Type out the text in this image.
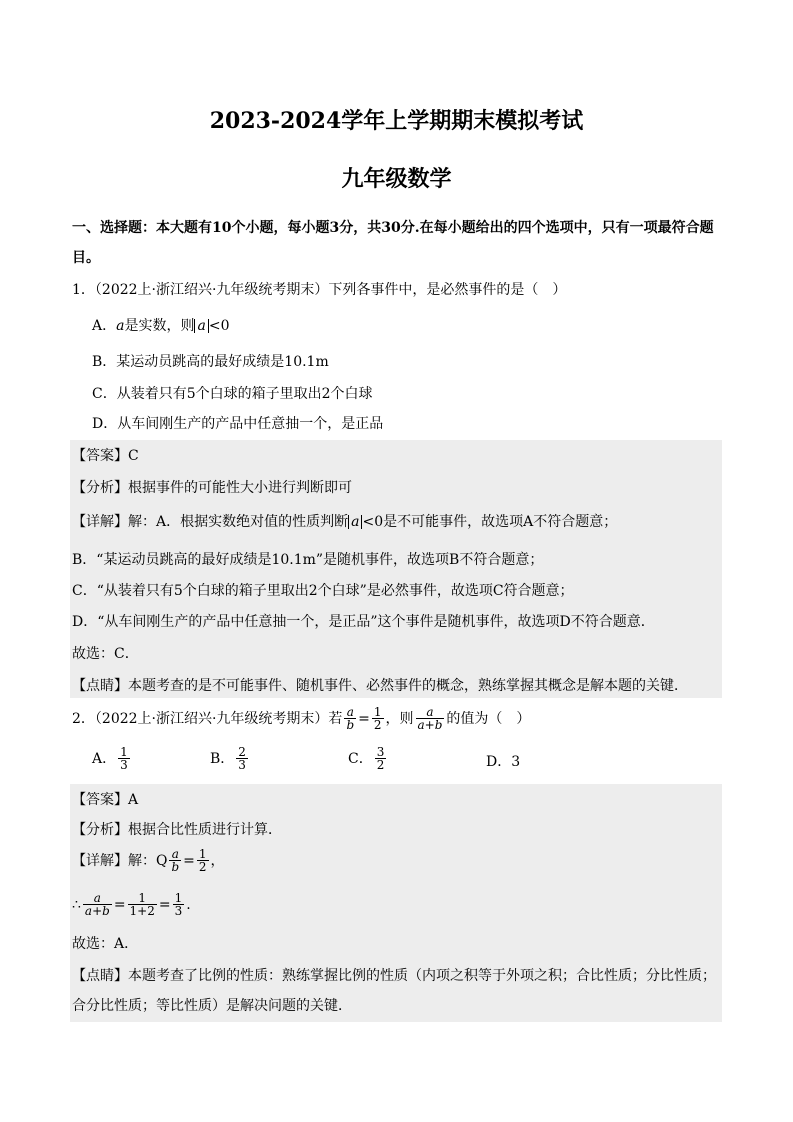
2023-2024学年上学期期末模拟考试
九年级数学
一、选择题：本大题有10个小题，每小题3分，共30分.在每小题给出的四个选项中，只有一项最符合题
目。
1．（2022上·浙江绍兴·九年级统考期末）下列各事件中，是必然事件的是（　）
A．a是实数，则 a <0
B．某运动员跳高的最好成绩是10.1m
C．从装着只有5个白球的箱子里取出2个白球
D．从车间刚生产的产品中任意抽一个，是正品
【答案】C
【分析】根据事件的可能性大小进行判断即可
【详解】解：A．根据实数绝对值的性质判断 a <0是不可能事件，故选项A不符合题意；
B．“某运动员跳高的最好成绩是10.1m”是随机事件，故选项B不符合题意；
C．“从装着只有5个白球的箱子里取出2个白球”是必然事件，故选项C符合题意；
D．“从车间刚生产的产品中任意抽一个，是正品”这个事件是随机事件，故选项D不符合题意．
故选：C．
【点睛】本题考查的是不可能事件、随机事件、必然事件的概念，熟练掌握其概念是解本题的关键．
2．（2022上·浙江绍兴·九年级统考期末）若 $\frac{a}{b} = \frac{1}{2}$ ，则 $\frac{a}{a+b}$ 的值为（　）
A． $\frac{1}{3}$	B． $\frac{2}{3}$	C． $\frac{3}{2}$	D．3
【答案】A
【分析】根据合比性质进行计算．
【详解】 解：Q $\frac{a}{b} = \frac{1}{2}$ ，
∴ $\frac{a}{a+b} = \frac{1}{1+2} = \frac{1}{3}$ .
故选：A．
【点睛】本题考查了比例的性质：熟练掌握比例的性质（内项之积等于外项之积；合比性质；分比性质；
合分比性质；等比性质）是解决问题的关键．
